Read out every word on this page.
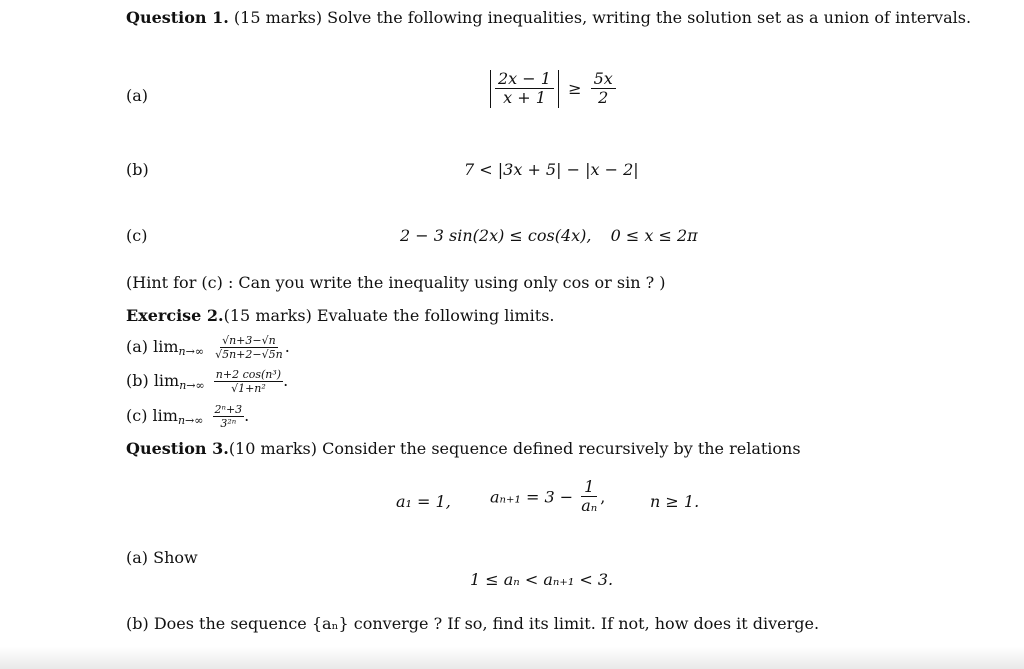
Question 1. (15 marks) Solve the following inequalities, writing the solution set as a union of intervals.
(a)	$\frac{2x - 1}{x + 1} \ge \frac{5x}{2}$
(b)	7 < |3x + 5| − |x − 2|
(c)	2 − 3 sin(2x) ≤ cos(4x), 0 ≤ x ≤ 2π
(Hint for (c) : Can you write the inequality using only cos or sin ? )
Exercise 2.(15 marks) Evaluate the following limits.
(a) $\lim_{n\to\infty} \frac{√n+3-√n}{√5n+2-√5n}$ .
(b) $\lim_{n\to\infty} \frac{\text{n+2 cos(n³)}}{\text{√1+n²}}$ .
(c) $\lim_{n\to\infty} \frac{\text{2ⁿ+3}}{\text{3²ⁿ}}$ .
Question 3.(10 marks) Consider the sequence defined recursively by the relations
a₁ = 1, $a_{n+1} = 3 - \frac{1}{\text{aₙ}}$ ,	n ≥ 1.
(a) Show
1 ≤ aₙ < aₙ₊₁ < 3.
(b) Does the sequence {aₙ} converge ? If so, find its limit. If not, how does it diverge.
